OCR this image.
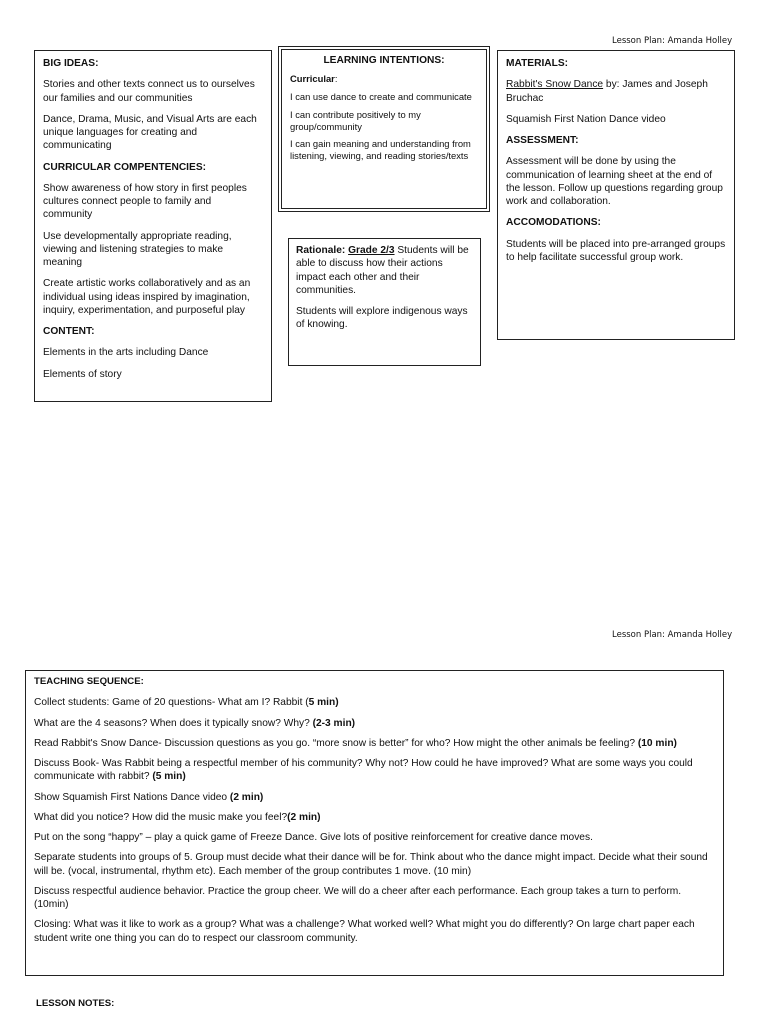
Lesson Plan: Amanda Holley

BIG IDEAS:

Stories and other texts connect us to ourselves our families and our communities

Dance, Drama, Music, and Visual Arts are each unique languages for creating and communicating

CURRICULAR COMPENTENCIES:

Show awareness of how story in first peoples cultures connect people to family and community

Use developmentally appropriate reading, viewing and listening strategies to make meaning

Create artistic works collaboratively and as an individual using ideas inspired by imagination, inquiry, experimentation, and purposeful play

CONTENT:

Elements in the arts including Dance

Elements of story

LEARNING INTENTIONS:

Curricular:

I can use dance to create and communicate

I can contribute positively to my group/community

I can gain meaning and understanding from listening, viewing, and reading stories/texts

Rationale: Grade 2/3 Students will be able to discuss how their actions impact each other and their communities.

Students will explore indigenous ways of knowing.

MATERIALS:

Rabbit's Snow Dance by: James and Joseph Bruchac

Squamish First Nation Dance video

ASSESSMENT:

Assessment will be done by using the communication of learning sheet at the end of the lesson. Follow up questions regarding group work and collaboration.

ACCOMODATIONS:

Students will be placed into pre-arranged groups to help facilitate successful group work.

Lesson Plan: Amanda Holley

TEACHING SEQUENCE:

Collect students: Game of 20 questions- What am I? Rabbit (5 min)

What are the 4 seasons? When does it typically snow? Why? (2-3 min)

Read Rabbit's Snow Dance- Discussion questions as you go. “more snow is better” for who? How might the other animals be feeling? (10 min)

Discuss Book- Was Rabbit being a respectful member of his community? Why not? How could he have improved? What are some ways you could communicate with rabbit? (5 min)

Show Squamish First Nations Dance video (2 min)

What did you notice? How did the music make you feel?(2 min)

Put on the song “happy” – play a quick game of Freeze Dance. Give lots of positive reinforcement for creative dance moves.

Separate students into groups of 5. Group must decide what their dance will be for. Think about who the dance might impact. Decide what their sound will be. (vocal, instrumental, rhythm etc). Each member of the group contributes 1 move. (10 min)

Discuss respectful audience behavior. Practice the group cheer. We will do a cheer after each performance. Each group takes a turn to perform.(10min)

Closing: What was it like to work as a group? What was a challenge? What worked well? What might you do differently? On large chart paper each student write one thing you can do to respect our classroom community.

LESSON NOTES:
